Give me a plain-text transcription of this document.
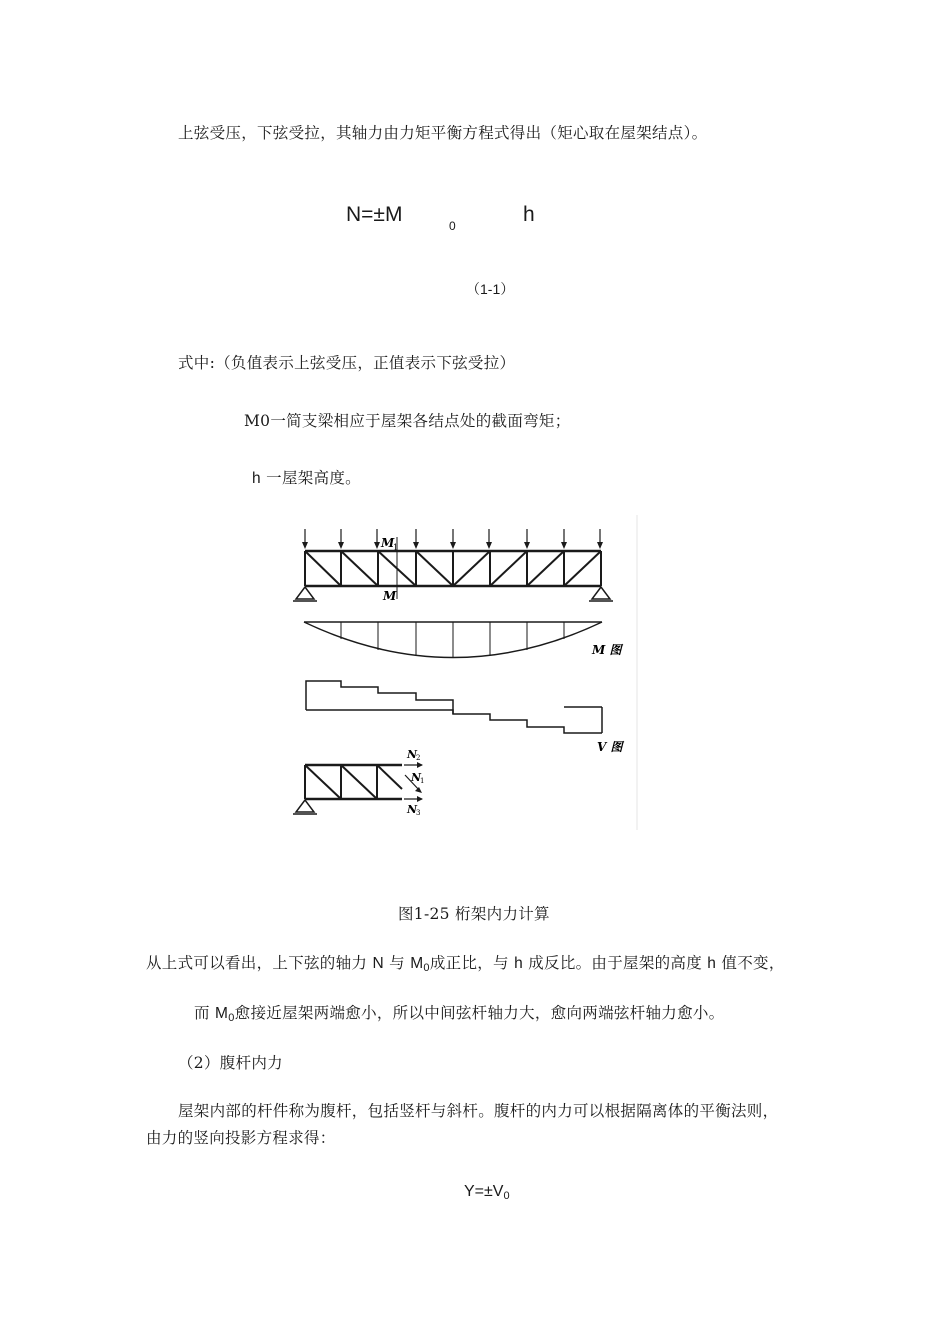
上弦受压，下弦受拉，其轴力由力矩平衡方程式得出（矩心取在屋架结点）。
N=±M	0	h
（1-1）
式中:（负值表示上弦受压，正值表示下弦受拉）
M0一简支梁相应于屋架各结点处的截面弯矩；
h 一屋架高度。
M
1
M
M 图
V 图
N
2
N
1
N
3
图1-25 桁架内力计算
从上式可以看出，上下弦的轴力 N 与 $M_0$成正比，与 h 成反比。由于屋架的高度 h 值不变，
而 $M_0$愈接近屋架两端愈小，所以中间弦杆轴力大，愈向两端弦杆轴力愈小。
（2）腹杆内力
屋架内部的杆件称为腹杆，包括竖杆与斜杆。腹杆的内力可以根据隔离体的平衡法则，
由力的竖向投影方程求得：
$Y=\pm V_0$
